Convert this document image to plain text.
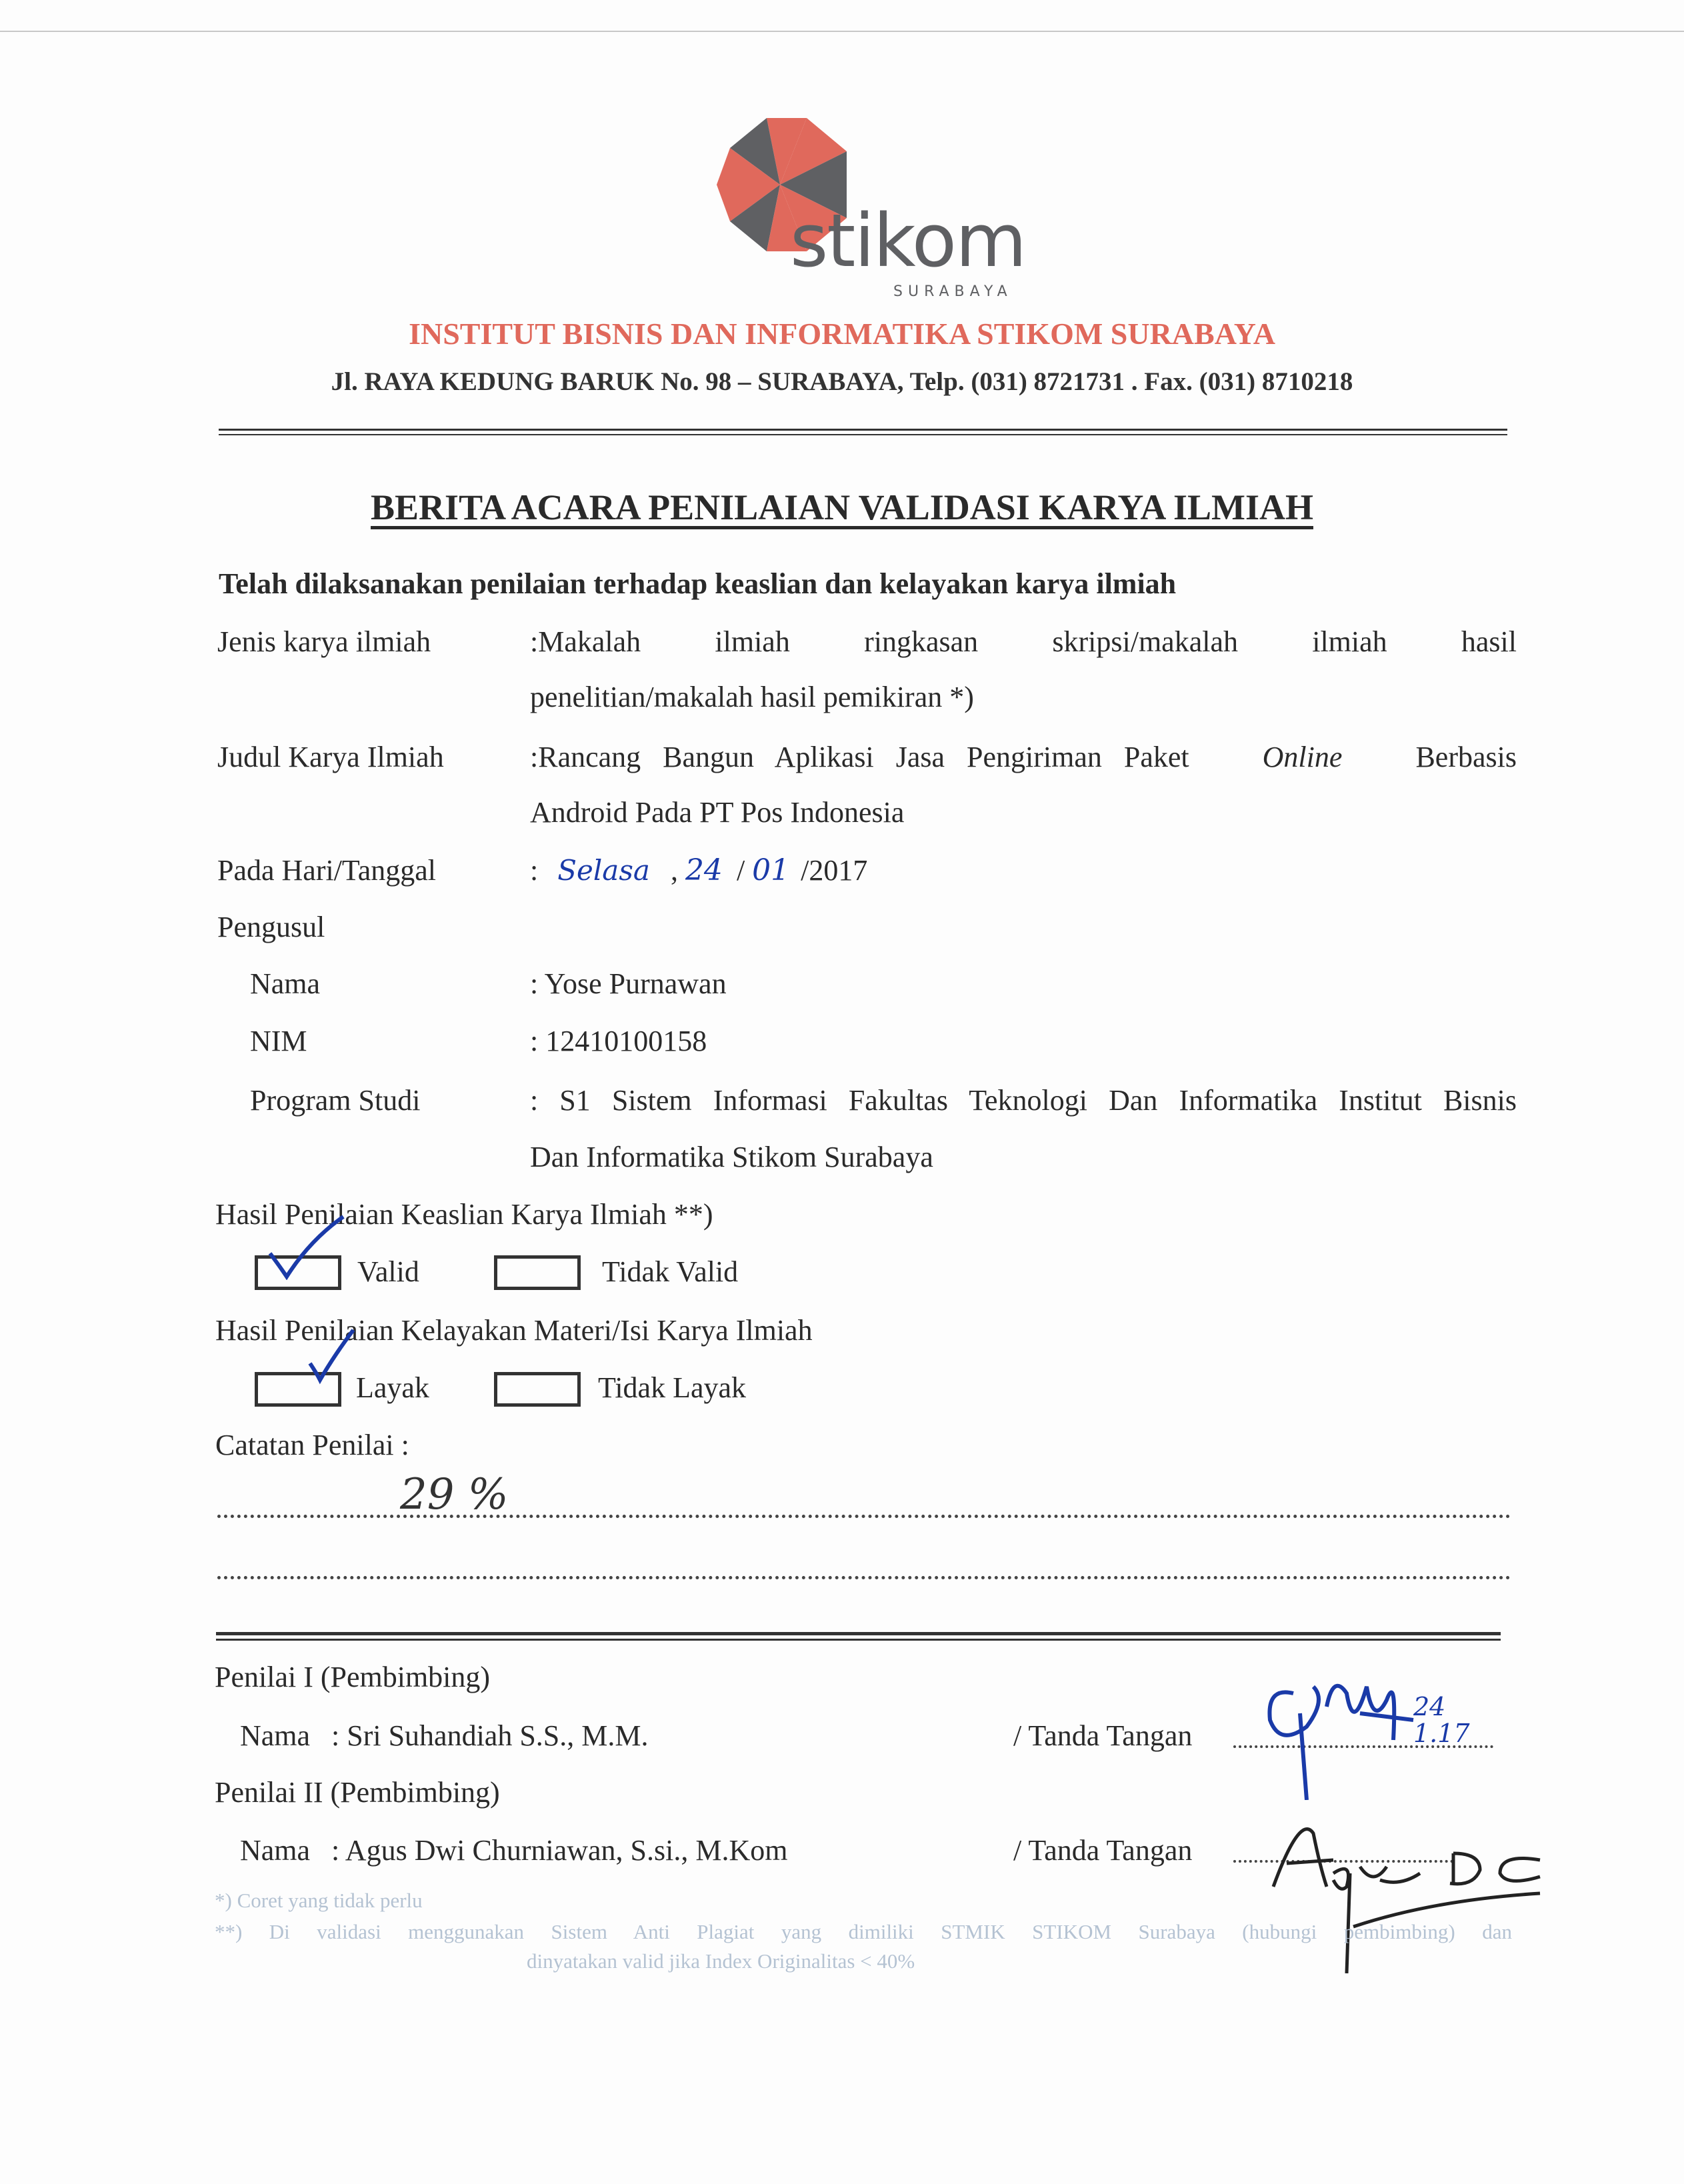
stikom
SURABAYA
INSTITUT BISNIS DAN INFORMATIKA STIKOM SURABAYA
Jl. RAYA KEDUNG BARUK No. 98 – SURABAYA, Telp. (031) 8721731 . Fax. (031) 8710218
BERITA ACARA PENILAIAN VALIDASI KARYA ILMIAH
Telah dilaksanakan penilaian terhadap keaslian dan kelayakan karya ilmiah
Jenis karya ilmiah	:Makalah ilmiah ringkasan skripsi/makalah ilmiah hasil
penelitian/makalah hasil pemikiran *)
Judul Karya Ilmiah	:Rancang Bangun Aplikasi Jasa Pengiriman Paket	Online	Berbasis
Android Pada PT Pos Indonesia
Pada Hari/Tanggal	: Selasa , 24 / 01 /2017
Pengusul
Nama	: Yose Purnawan
NIM	: 12410100158
Program Studi	: S1 Sistem Informasi Fakultas Teknologi Dan Informatika Institut Bisnis
Dan Informatika Stikom Surabaya
Hasil Penilaian Keaslian Karya Ilmiah **)
Valid	Tidak Valid
Hasil Penilaian Kelayakan Materi/Isi Karya Ilmiah
Layak	Tidak Layak
Catatan Penilai :
29 %
Penilai I (Pembimbing)
Nama : Sri Suhandiah S.S., M.M.	/ Tanda Tangan
24 1.17
Penilai II (Pembimbing)
Nama : Agus Dwi Churniawan, S.si., M.Kom	/ Tanda Tangan
*) Coret yang tidak perlu
**) Di validasi menggunakan Sistem Anti Plagiat yang dimiliki STMIK STIKOM Surabaya (hubungi pembimbing) dan
dinyatakan valid jika Index Originalitas < 40%
